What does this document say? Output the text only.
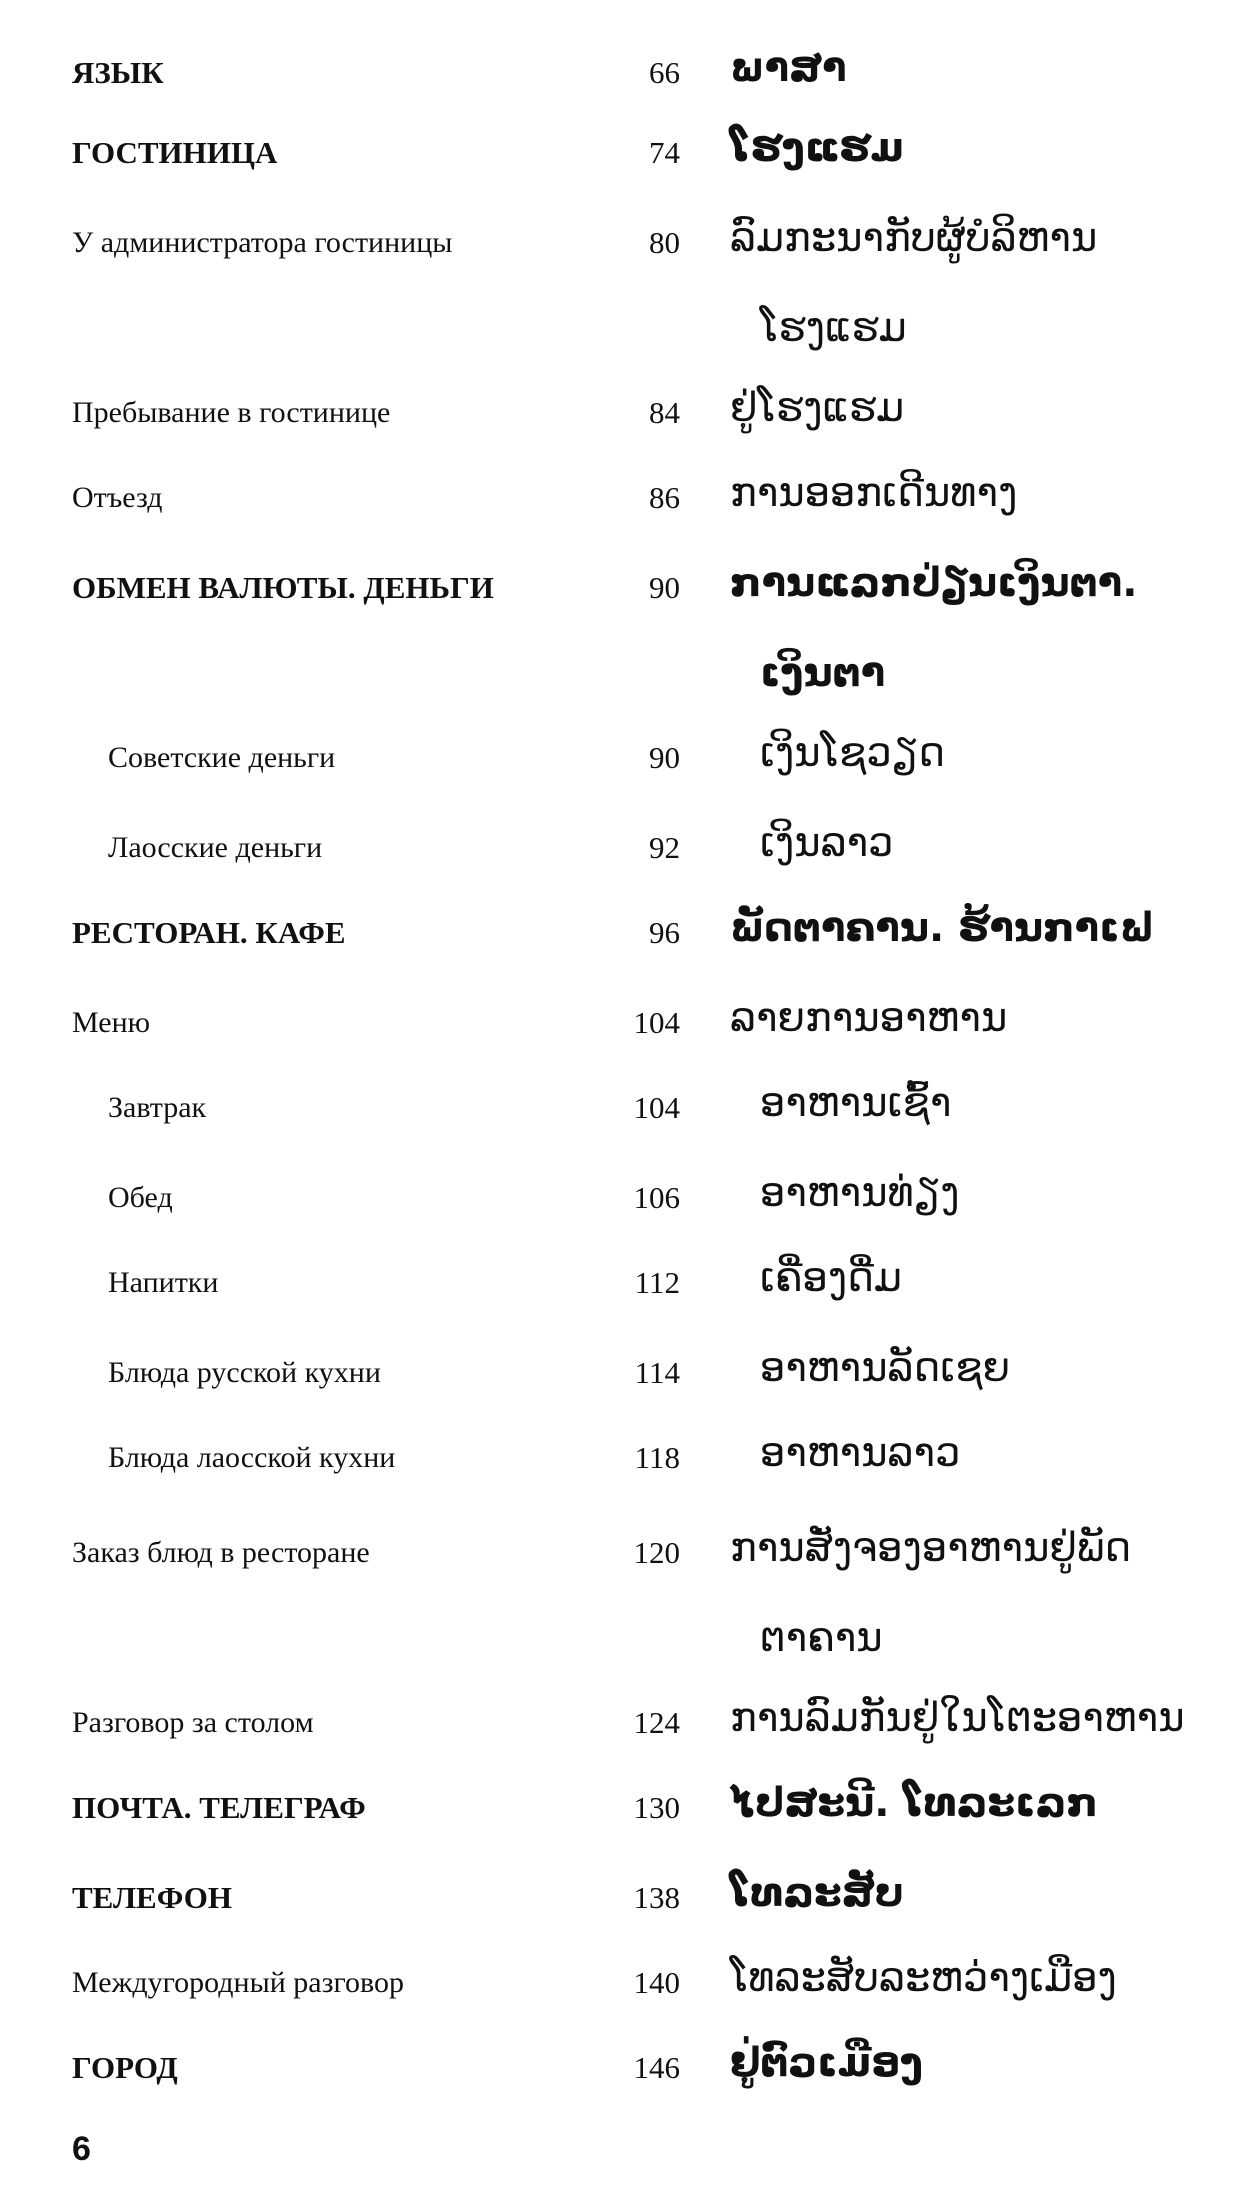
ЯЗЫК	66 ພາສາ
ГОСТИНИЦА	74 ໂຮງແຮມ
У администратора гостиницы	80 ລົມກະນາກັບຜູ້ບໍລິຫານ
ໂຮງແຮມ
Пребывание в гостинице	84 ຢູ່ໂຮງແຮມ
Отъезд	86 ການອອກເດີນທາງ
ОБМЕН ВАЛЮТЫ. ДЕНЬГИ	90 ການແລກປ່ຽນເງິນຕາ.
ເງິນຕາ
Советские деньги	90 ເງິນໂຊວຽດ
Лаосские деньги	92 ເງິນລາວ
РЕСТОРАН. КАФЕ	96 ພັດຕາຄານ. ຮ້ານກາເຟ
Меню	104 ລາຍການອາຫານ
Завтрак	104 ອາຫານເຊົ້າ
Обед	106 ອາຫານທ່ຽງ
Напитки	112 ເຄື່ອງດື່ມ
Блюда русской кухни	114 ອາຫານລັດເຊຍ
Блюда лаосской кухни	118 ອາຫານລາວ
Заказ блюд в ресторане	120 ການສັ່ງຈອງອາຫານຢູ່ພັດ
ຕາຄານ
Разговор за столом	124 ການລົມກັນຢູ່ໃນໂຕະອາຫານ
ПОЧТА. ТЕЛЕГРАФ	130 ໄປສະນີ. ໂທລະເລກ
ТЕЛЕФОН	138 ໂທລະສັບ
Междугородный разговор	140 ໂທລະສັບລະຫວ່າງເມືອງ
ГОРОД	146 ຢູ່ຕົວເມືອງ
6
